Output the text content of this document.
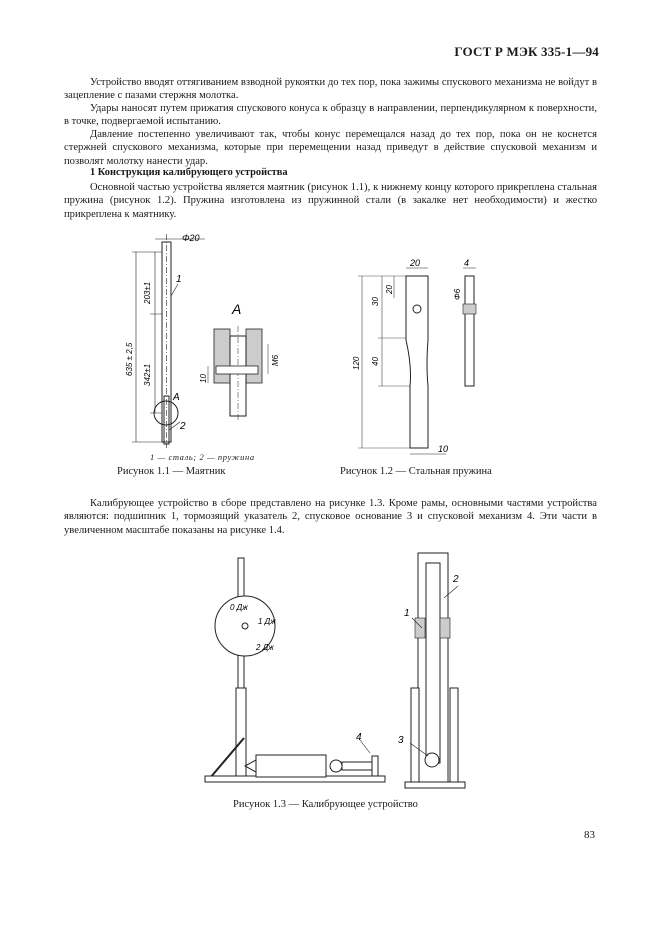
ГОСТ Р МЭК 335-1—94

Устройство вводят оттягиванием взводной рукоятки до тех пор, пока зажимы спускового механизма не войдут в зацепление с пазами стержня молотка.

Удары наносят путем прижатия спускового конуса к образцу в направлении, перпендикулярном к поверхности, в точке, подвергаемой испытанию.

Давление постепенно увеличивают так, чтобы конус перемещался назад до тех пор, пока он не коснется стержней спускового механизма, которые при перемещении назад приведут в действие спусковой механизм и позволят молотку нанести удар.

1 Конструкция калибрующего устройства

Основной частью устройства является маятник (рисунок 1.1), к нижнему концу которого прикреплена стальная пружина (рисунок 1.2). Пружина изготовлена из пружинной стали (в закалке нет необходимости) и жестко прикреплена к маятнику.

Φ20
203±1
635 ± 2,5 342±1
1
2
A
A
M6
10
1 — сталь; 2 — пружина
Рисунок 1.1 — Маятник
20	4
Φ6
20
30
40
120
10
Рисунок 1.2 — Стальная пружина

Калибрующее устройство в сборе представлено на рисунке 1.3. Кроме рамы, основными частями устройства являются: подшипник 1, тормозящий указатель 2, спусковое основание 3 и спусковой механизм 4. Эти части в увеличенном масштабе показаны на рисунке 1.4.

0 Дж
1 Дж
2 Дж
1
2
3
4
Рисунок 1.3 — Калибрующее устройство
83
